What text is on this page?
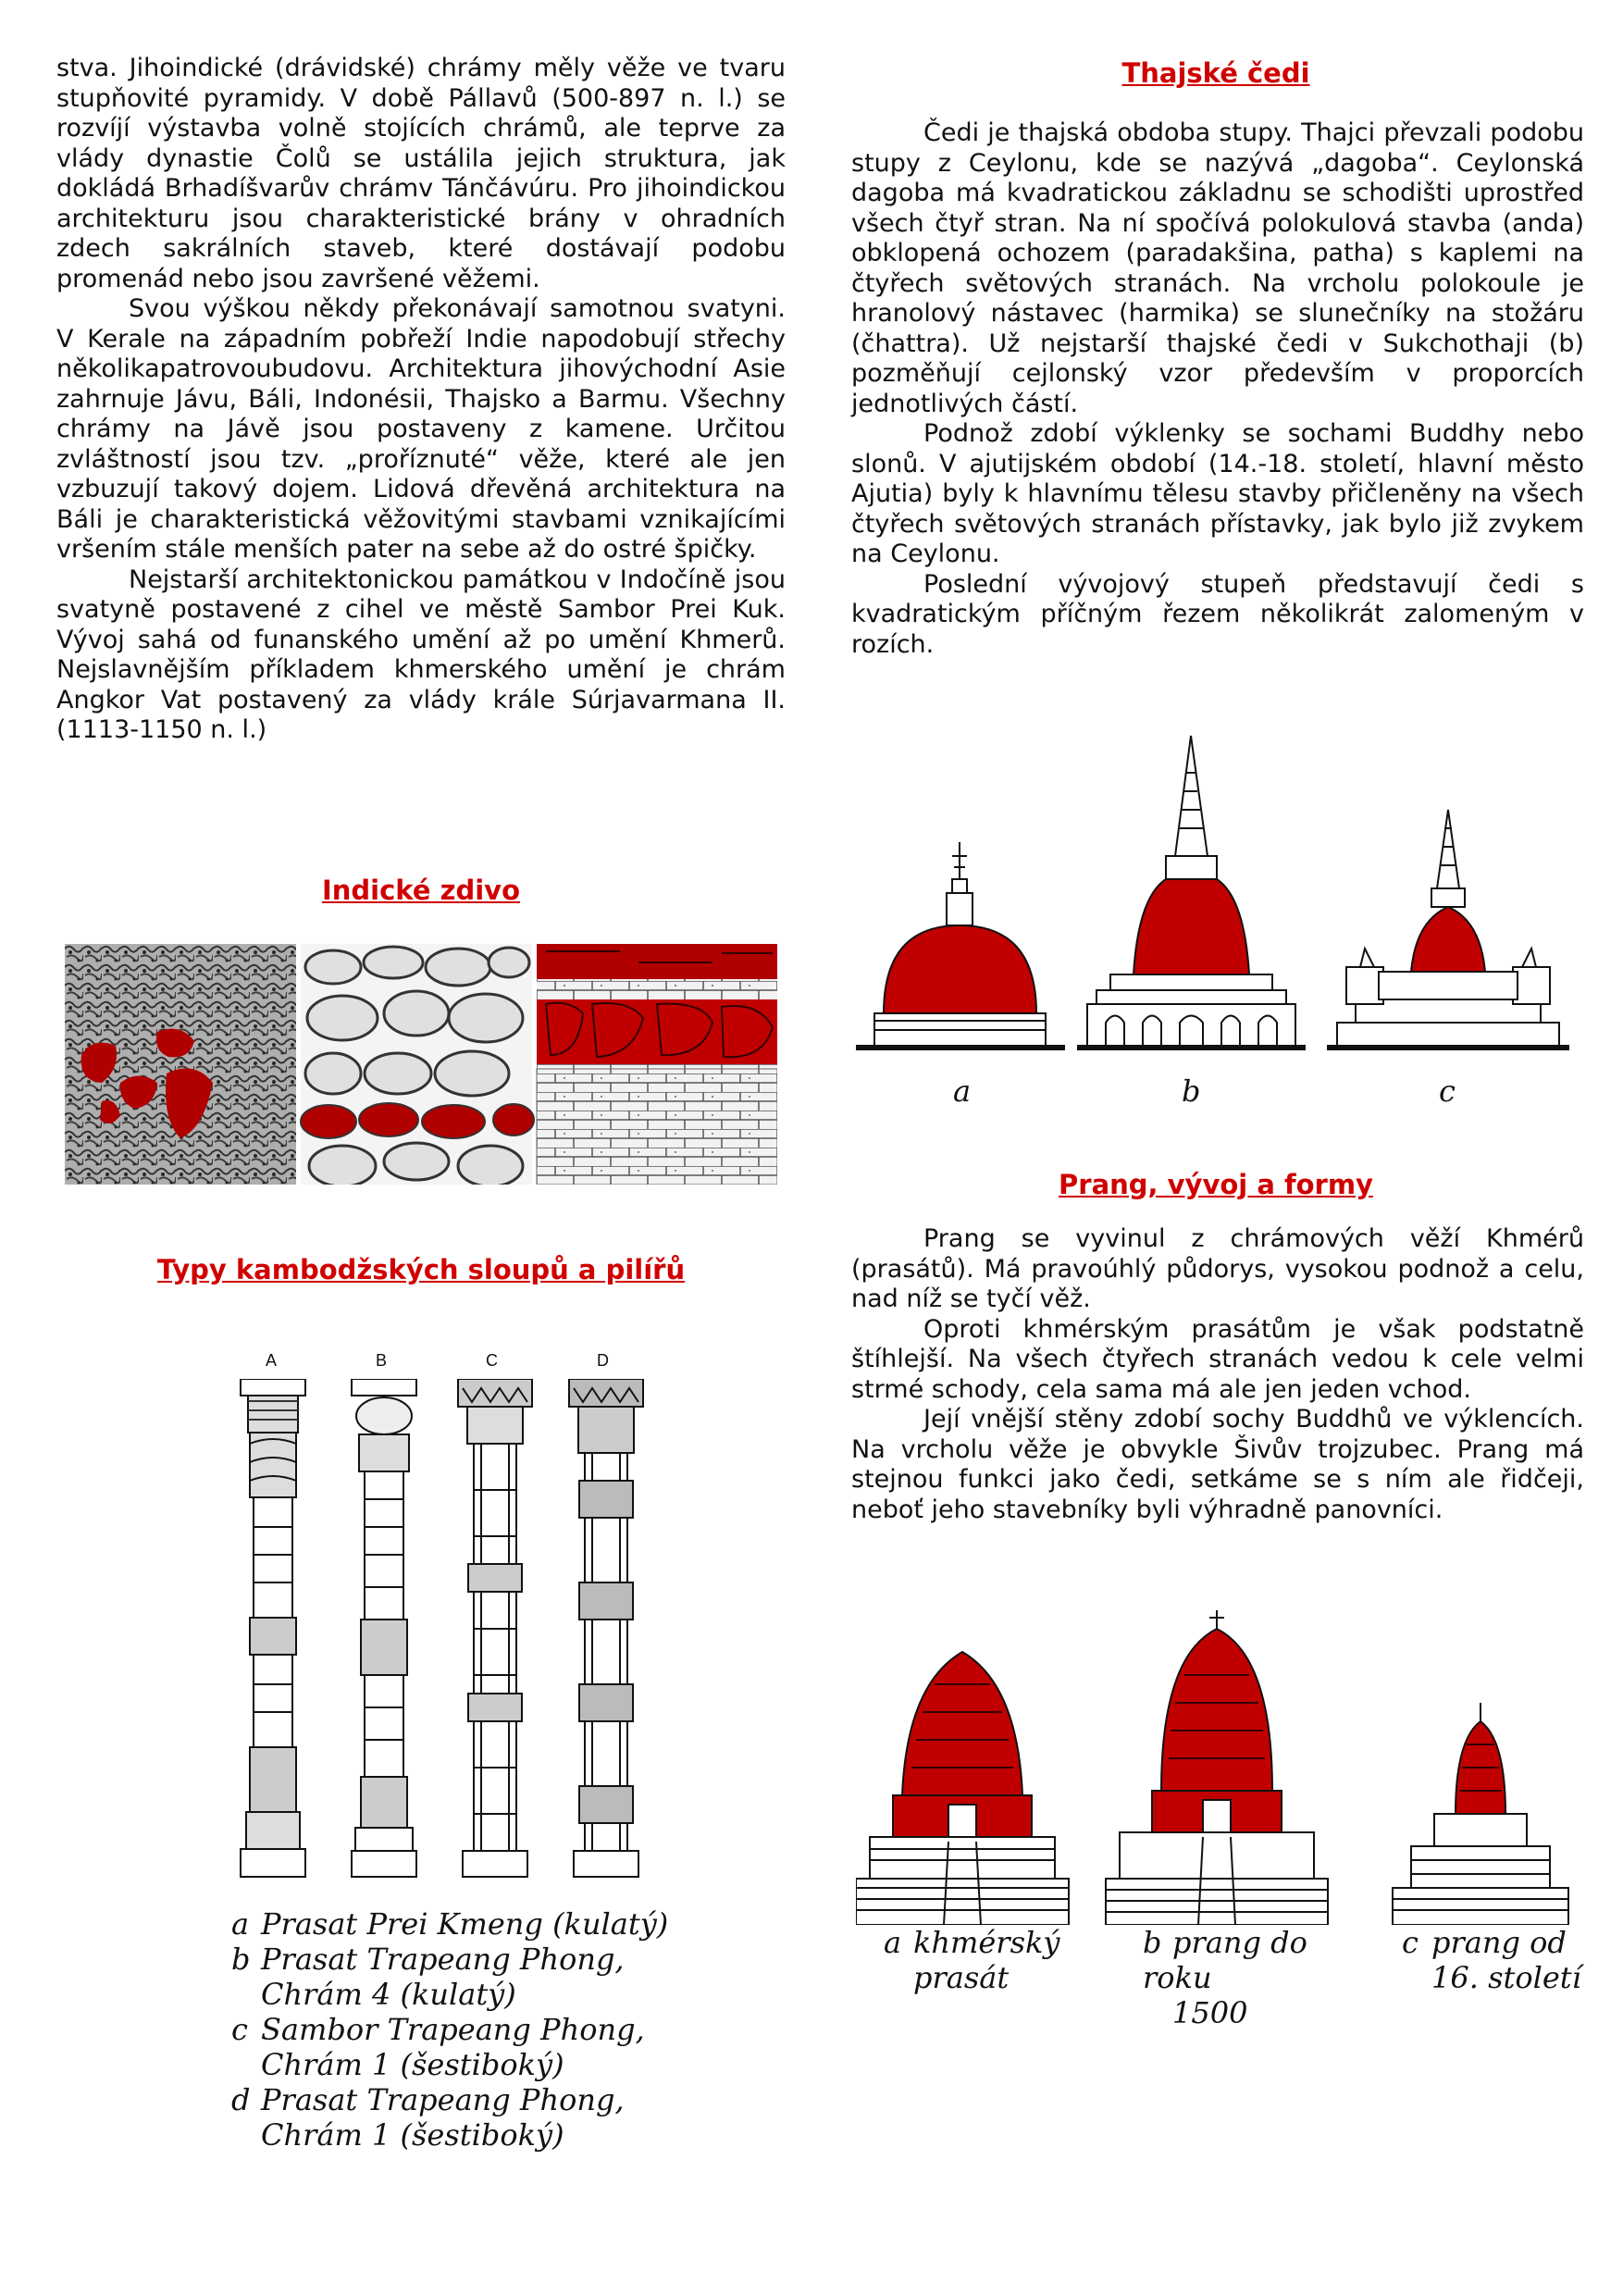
stva. Jihoindické (drávidské) chrámy měly věže ve tvaru stupňovité pyramidy. V době Pállavů (500-897 n. l.) se rozvíjí výstavba volně stojících chrámů, ale teprve za vlády dynastie Čolů se ustálila jejich struktura, jak dokládá Brhadíšvarův chrámv Tánčávúru. Pro jihoindickou architekturu jsou charakteristické brány v ohradních zdech sakrálních staveb, které dostávají podobu promenád nebo jsou završené věžemi.

Svou výškou někdy překonávají samotnou svatyni. V Kerale na západním pobřeží Indie napodobují střechy několikapatrovoubudovu. Architektura jihovýchodní Asie zahrnuje Jávu, Báli, Indonésii, Thajsko a Barmu. Všechny chrámy na Jávě jsou postaveny z kamene. Určitou zvláštností jsou tzv. „proříznuté“ věže, které ale jen vzbuzují takový dojem. Lidová dřevěná architektura na Báli je charakteristická věžovitými stavbami vznikajícími vršením stále menších pater na sebe až do ostré špičky.

Nejstarší architektonickou památkou v Indočíně jsou svatyně postavené z cihel ve městě Sambor Prei Kuk. Vývoj sahá od funanského umění až po umění Khmerů. Nejslavnějším příkladem khmerského umění je chrám Angkor Vat postavený za vlády krále Súrjavarmana II. (1113-1150 n. l.)

Indické zdivo
Typy kambodžských sloupů a pilířů
A	B	C	D
a Prasat Prei Kmeng (kulatý)
b Prasat Trapeang Phong,
Chrám 4 (kulatý)
c Sambor Trapeang Phong,
Chrám 1 (šestiboký)
d Prasat Trapeang Phong,
Chrám 1 (šestiboký)
Thajské čedi

Čedi je thajská obdoba stupy. Thajci převzali podobu stupy z Ceylonu, kde se nazývá „dagoba“. Ceylonská dagoba má kvadratickou základnu se schodišti uprostřed všech čtyř stran. Na ní spočívá polokulová stavba (anda) obklopená ochozem (paradakšina, patha) s kaplemi na čtyřech světových stranách. Na vrcholu polokoule je hranolový nástavec (harmika) se slunečníky na stožáru (čhattra). Už nejstarší thajské čedi v Sukchothaji (b) pozměňují cejlonský vzor především v proporcích jednotlivých částí.

Podnož zdobí výklenky se sochami Buddhy nebo slonů. V ajutijském období (14.-18. století, hlavní město Ajutia) byly k hlavnímu tělesu stavby přičleněny na všech čtyřech světových stranách přístavky, jak bylo již zvykem na Ceylonu.

Poslední vývojový stupeň představují čedi s kvadratickým příčným řezem několikrát zalomeným v rozích.

a	b	c
Prang, vývoj a formy

Prang se vyvinul z chrámových věží Khmérů (prasátů). Má pravoúhlý půdorys, vysokou podnož a celu, nad níž se tyčí věž.

Oproti khmérským prasátům je však podstatně štíhlejší. Na všech čtyřech stranách vedou k cele velmi strmé schody, cela sama má ale jen jeden vchod.

Její vnější stěny zdobí sochy Buddhů ve výklencích. Na vrcholu věže je obvykle Šivův trojzubec. Prang má stejnou funkci jako čedi, setkáme se s ním ale řidčeji, neboť jeho stavebníky byli výhradně panovníci.

a khmérský
prasát
b prang do roku
1500
c prang od
16. století
